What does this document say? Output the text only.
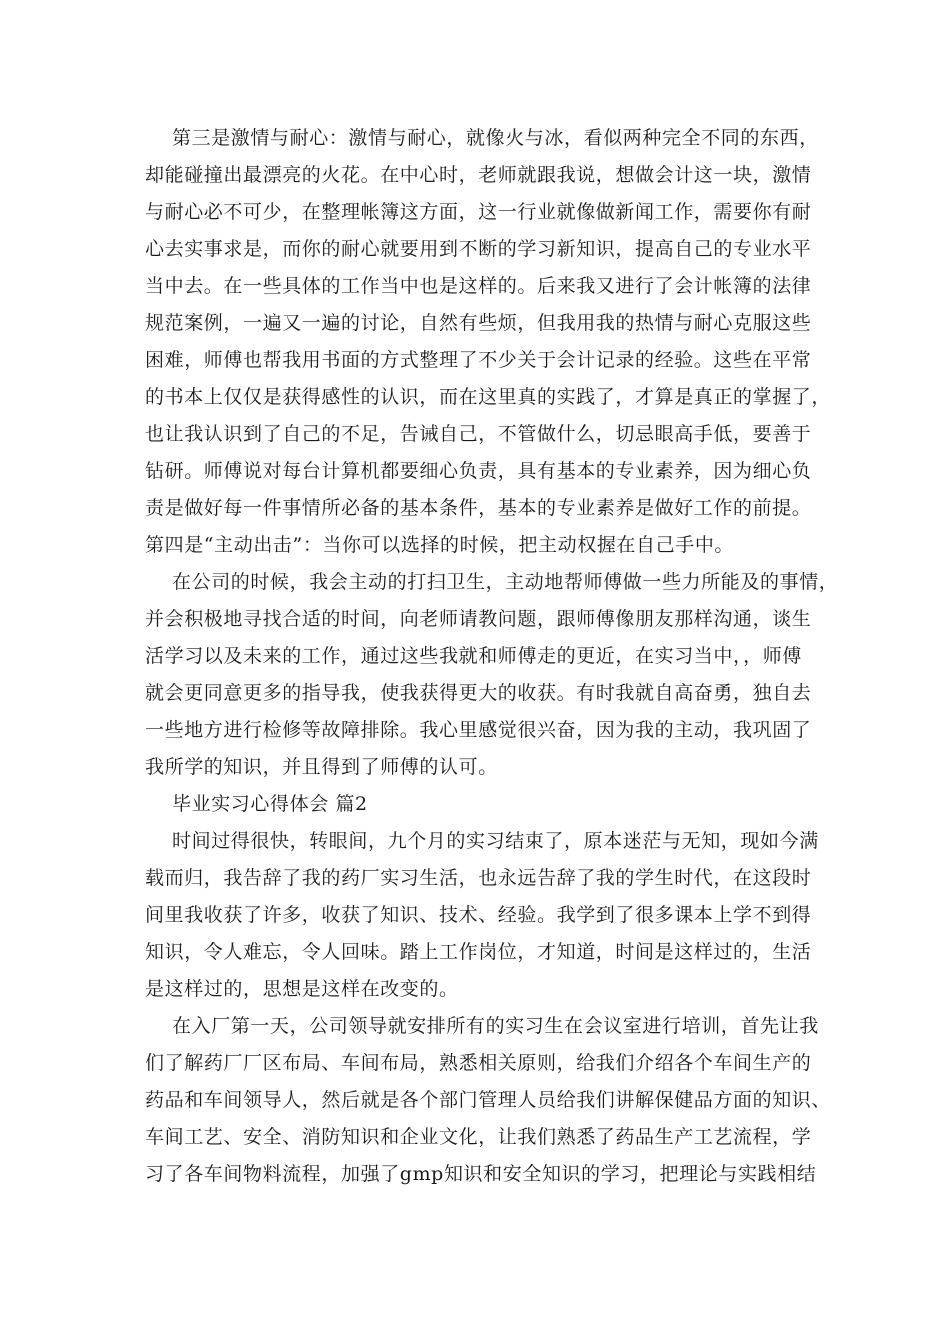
第三是激情与耐心：激情与耐心，就像火与冰，看似两种完全不同的东西，
却能碰撞出最漂亮的火花。在中心时，老师就跟我说，想做会计这一块，激情
与耐心必不可少，在整理帐簿这方面，这一行业就像做新闻工作，需要你有耐
心去实事求是，而你的耐心就要用到不断的学习新知识，提高自己的专业水平
当中去。在一些具体的工作当中也是这样的。后来我又进行了会计帐簿的法律
规范案例，一遍又一遍的讨论，自然有些烦，但我用我的热情与耐心克服这些
困难，师傅也帮我用书面的方式整理了不少关于会计记录的经验。这些在平常
的书本上仅仅是获得感性的认识，而在这里真的实践了，才算是真正的掌握了，
也让我认识到了自己的不足，告诫自己，不管做什么，切忌眼高手低，要善于
钻研。师傅说对每台计算机都要细心负责，具有基本的专业素养，因为细心负
责是做好每一件事情所必备的基本条件，基本的专业素养是做好工作的前提。
第四是“主动出击”：当你可以选择的时候，把主动权握在自己手中。
在公司的时候，我会主动的打扫卫生，主动地帮师傅做一些力所能及的事情，
并会积极地寻找合适的时间，向老师请教问题，跟师傅像朋友那样沟通，谈生
活学习以及未来的工作，通过这些我就和师傅走的更近，在实习当中，，师傅
就会更同意更多的指导我，使我获得更大的收获。有时我就自高奋勇，独自去
一些地方进行检修等故障排除。我心里感觉很兴奋，因为我的主动，我巩固了
我所学的知识，并且得到了师傅的认可。
毕业实习心得体会 篇2
时间过得很快，转眼间，九个月的实习结束了，原本迷茫与无知，现如今满
载而归，我告辞了我的药厂实习生活，也永远告辞了我的学生时代，在这段时
间里我收获了许多，收获了知识、技术、经验。我学到了很多课本上学不到得
知识，令人难忘，令人回味。踏上工作岗位，才知道，时间是这样过的，生活
是这样过的，思想是这样在改变的。
在入厂第一天，公司领导就安排所有的实习生在会议室进行培训，首先让我
们了解药厂厂区布局、车间布局，熟悉相关原则，给我们介绍各个车间生产的
药品和车间领导人，然后就是各个部门管理人员给我们讲解保健品方面的知识、
车间工艺、安全、消防知识和企业文化，让我们熟悉了药品生产工艺流程，学
习了各车间物料流程，加强了gmp知识和安全知识的学习，把理论与实践相结
